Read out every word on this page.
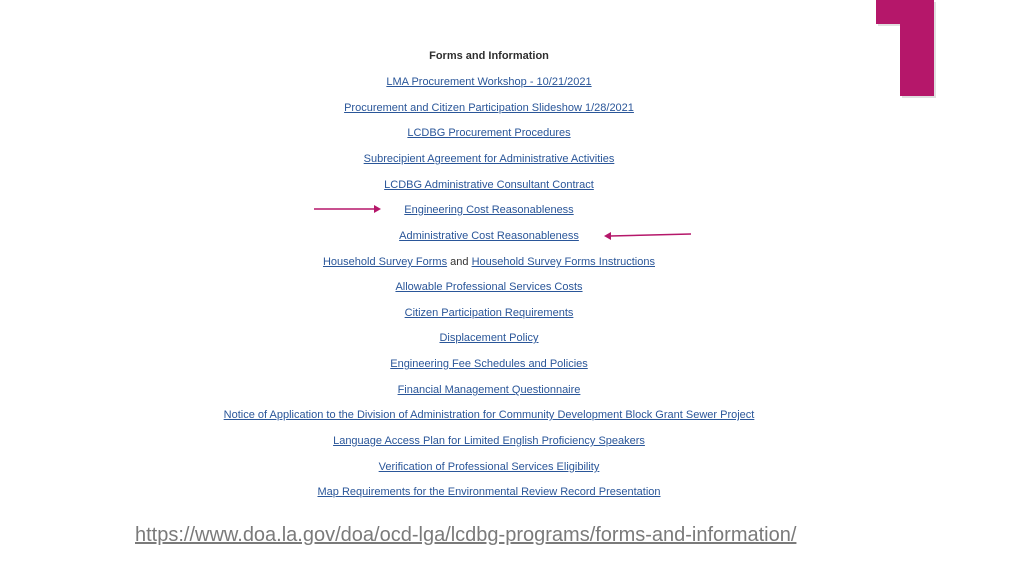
Forms and Information
LMA Procurement Workshop - 10/21/2021
Procurement and Citizen Participation Slideshow 1/28/2021
LCDBG Procurement Procedures
Subrecipient Agreement for Administrative Activities
LCDBG Administrative Consultant Contract
Engineering Cost Reasonableness
Administrative Cost Reasonableness
Household Survey Forms and Household Survey Forms Instructions
Allowable Professional Services Costs
Citizen Participation Requirements
Displacement Policy
Engineering Fee Schedules and Policies
Financial Management Questionnaire
Notice of Application to the Division of Administration for Community Development Block Grant Sewer Project
Language Access Plan for Limited English Proficiency Speakers
Verification of Professional Services Eligibility
Map Requirements for the Environmental Review Record Presentation
https://www.doa.la.gov/doa/ocd-lga/lcdbg-programs/forms-and-information/
